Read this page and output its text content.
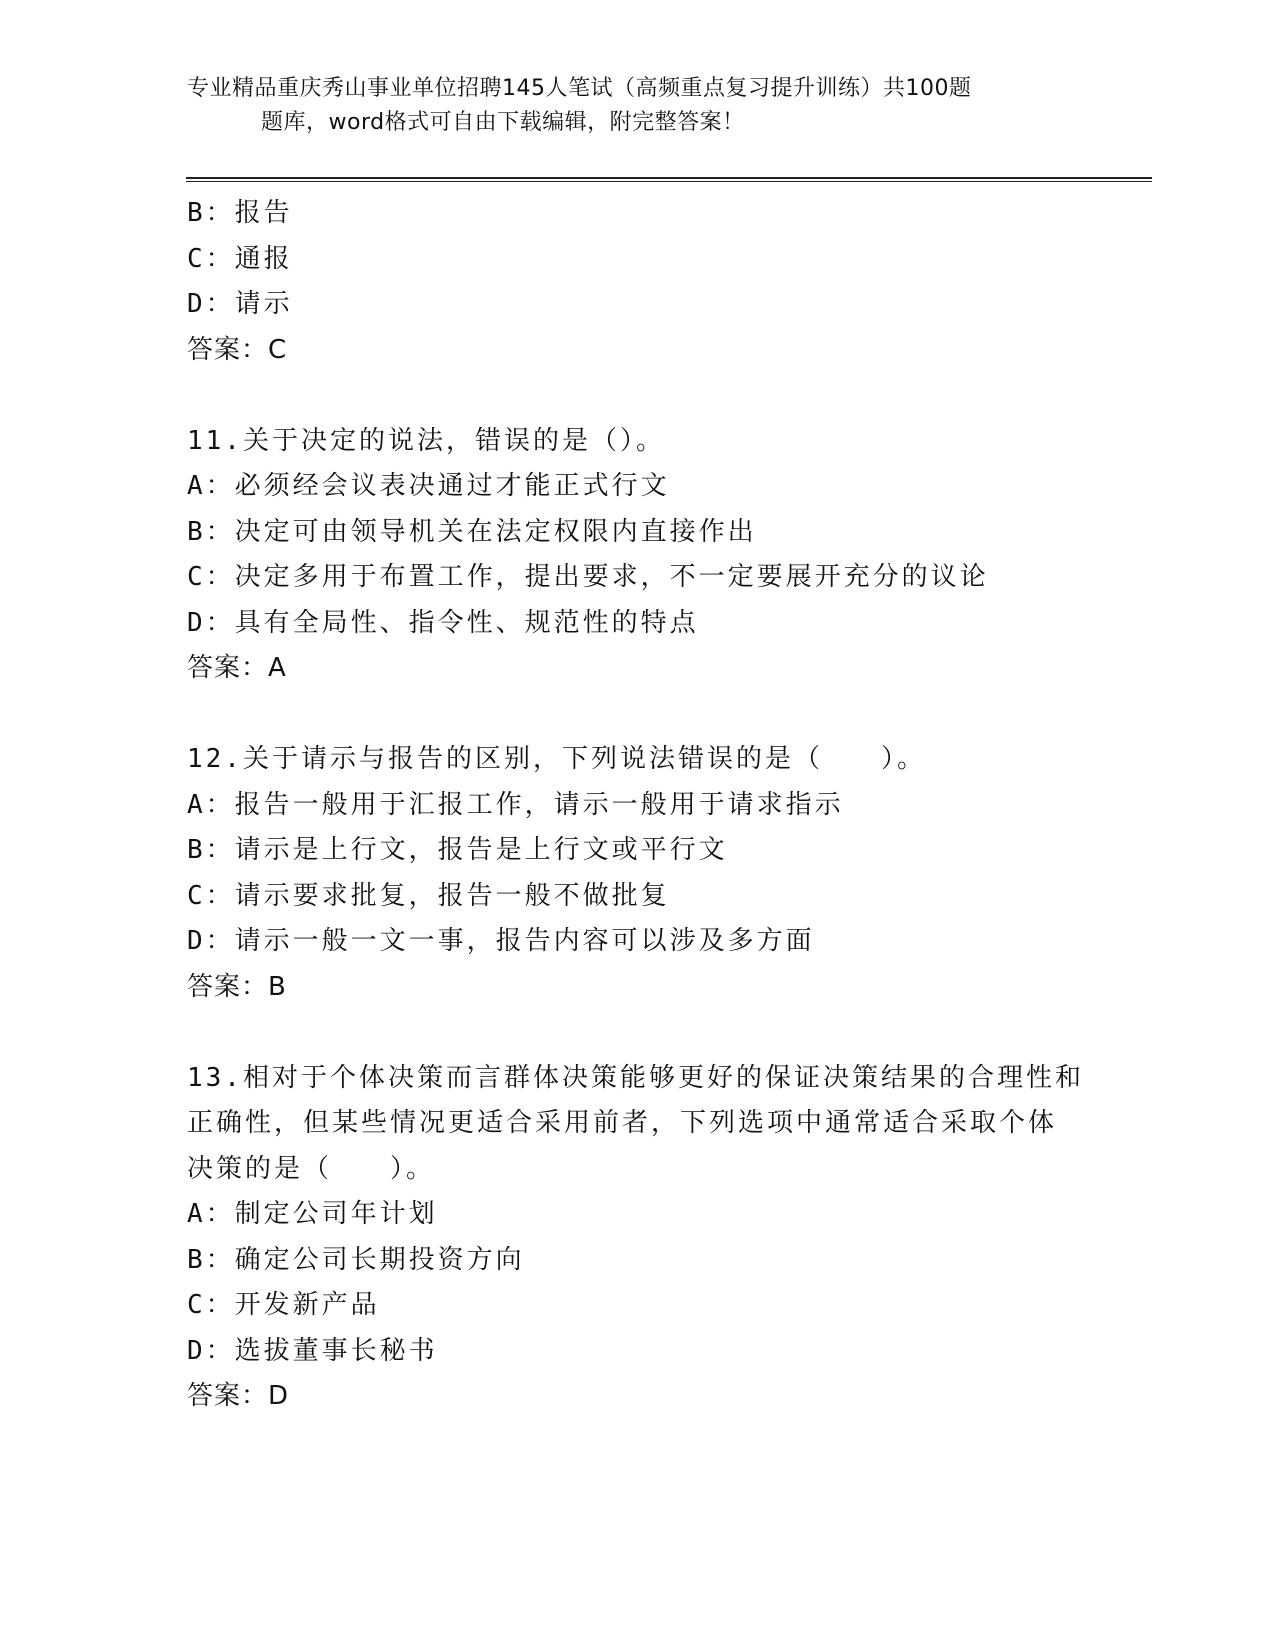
专业精品重庆秀山事业单位招聘145人笔试（高频重点复习提升训练）共100题
题库，word格式可自由下载编辑，附完整答案！
B：报告
C：通报
D：请示
答案：C
11.关于决定的说法，错误的是（）。
A：必须经会议表决通过才能正式行文
B：决定可由领导机关在法定权限内直接作出
C：决定多用于布置工作，提出要求，不一定要展开充分的议论
D：具有全局性、指令性、规范性的特点
答案：A
12.关于请示与报告的区别，下列说法错误的是（　　）。
A：报告一般用于汇报工作，请示一般用于请求指示
B：请示是上行文，报告是上行文或平行文
C：请示要求批复，报告一般不做批复
D：请示一般一文一事，报告内容可以涉及多方面
答案：B
13.相对于个体决策而言群体决策能够更好的保证决策结果的合理性和
正确性，但某些情况更适合采用前者，下列选项中通常适合采取个体
决策的是（　　）。
A：制定公司年计划
B：确定公司长期投资方向
C：开发新产品
D：选拔董事长秘书
答案：D
